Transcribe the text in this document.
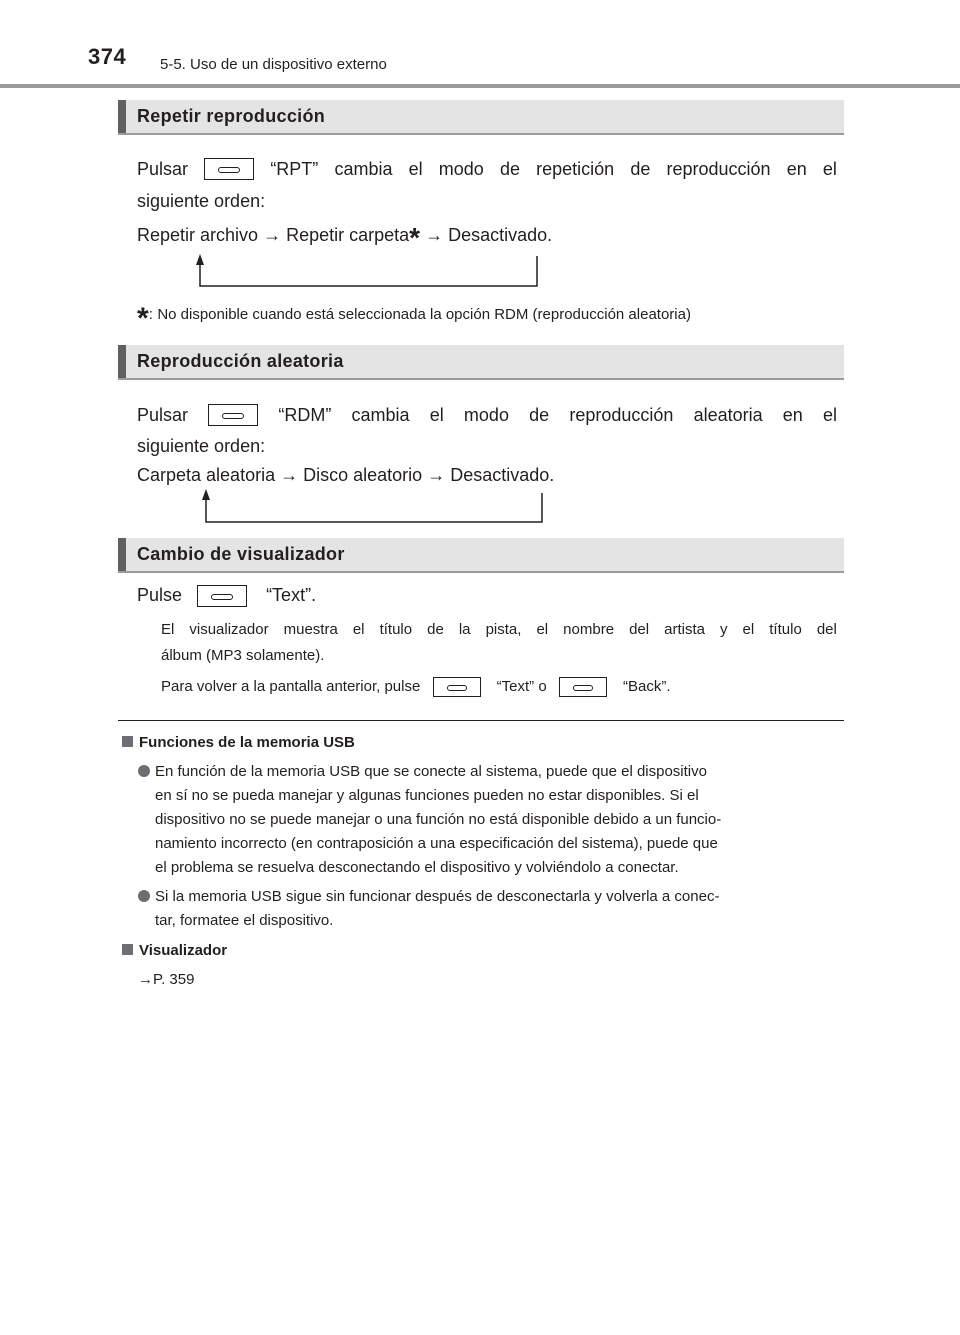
374 5-5. Uso de un dispositivo externo
Repetir reproducción
Pulsar	“RPT” cambia el modo de repetición de reproducción en el
siguiente orden:
Repetir archivo → Repetir carpeta* → Desactivado.
*: No disponible cuando está seleccionada la opción RDM (reproducción aleatoria)
Reproducción aleatoria
Pulsar	“RDM” cambia el modo de reproducción aleatoria en el
siguiente orden:
Carpeta aleatoria → Disco aleatorio → Desactivado.
Cambio de visualizador
Pulse	“Text”.
El visualizador muestra el título de la pista, el nombre del artista y el título del
álbum (MP3 solamente).
Para volver a la pantalla anterior, pulse	“Text” o	“Back”.
Funciones de la memoria USB
En función de la memoria USB que se conecte al sistema, puede que el dispositivo
en sí no se pueda manejar y algunas funciones pueden no estar disponibles. Si el
dispositivo no se puede manejar o una función no está disponible debido a un funcio-
namiento incorrecto (en contraposición a una especificación del sistema), puede que
el problema se resuelva desconectando el dispositivo y volviéndolo a conectar.
Si la memoria USB sigue sin funcionar después de desconectarla y volverla a conec-
tar, formatee el dispositivo.
Visualizador
→P. 359
